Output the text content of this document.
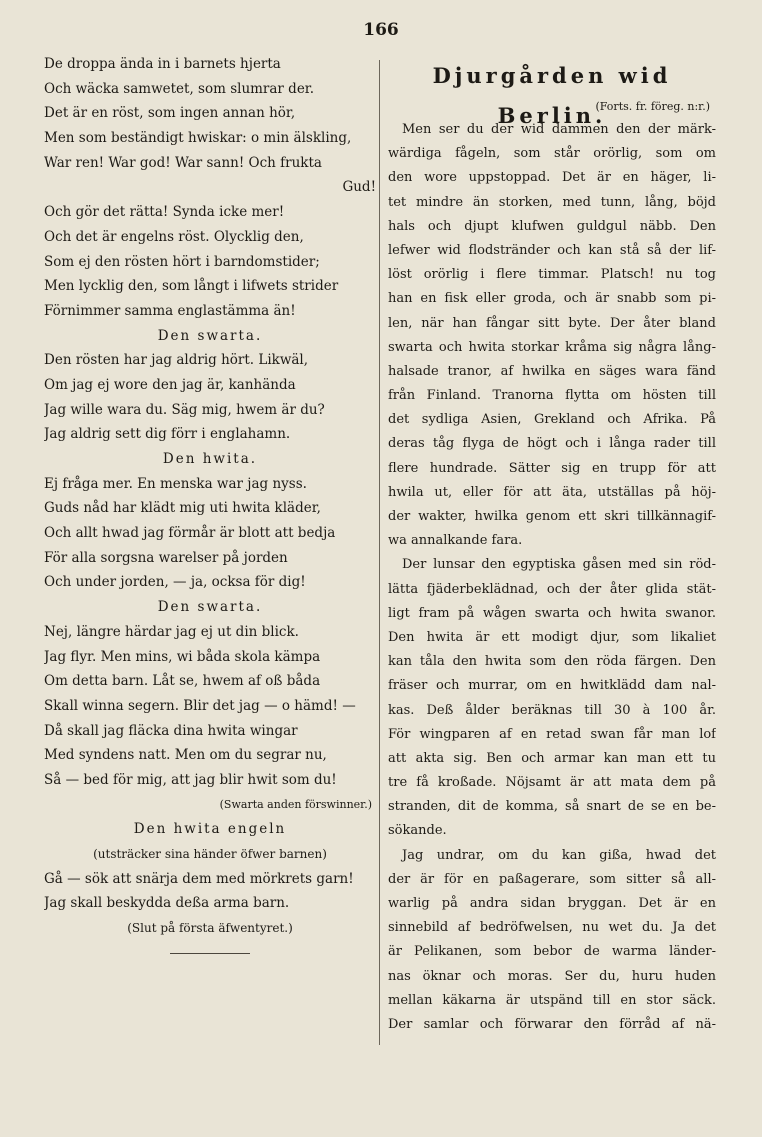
166
De droppa ända in i barnets hjerta
Och wäcka samwetet, som slumrar der.
Det är en röst, som ingen annan hör,
Men som beständigt hwiskar: o min älskling,
War ren! War god! War sann! Och frukta
Gud!
Och gör det rätta! Synda icke mer!
Och det är engelns röst. Olycklig den,
Som ej den rösten hört i barndomstider;
Men lycklig den, som långt i lifwets strider
Förnimmer samma englastämma än!
Den swarta.
Den rösten har jag aldrig hört. Likwäl,
Om jag ej wore den jag är, kanhända
Jag wille wara du. Säg mig, hwem är du?
Jag aldrig sett dig förr i englahamn.
Den hwita.
Ej fråga mer. En menska war jag nyss.
Guds nåd har klädt mig uti hwita kläder,
Och allt hwad jag förmår är blott att bedja
För alla sorgsna warelser på jorden
Och under jorden, — ja, ocksa för dig!
Den swarta.
Nej, längre härdar jag ej ut din blick.
Jag flyr. Men mins, wi båda skola kämpa
Om detta barn. Låt se, hwem af oß båda
Skall winna segern. Blir det jag — o hämd! —
Då skall jag fläcka dina hwita wingar
Med syndens natt. Men om du segrar nu,
Så — bed för mig, att jag blir hwit som du!
(Swarta anden förswinner.)
Den hwita engeln
(utsträcker sina händer öfwer barnen)
Gå — sök att snärja dem med mörkrets garn!
Jag skall beskydda deßa arma barn.
(Slut på första äfwentyret.)
Djurgården wid Berlin.
(Forts. fr. föreg. n:r.)
Men ser du der wid dammen den der märk-
wärdiga fågeln, som står orörlig, som om
den wore uppstoppad. Det är en häger, li-
tet mindre än storken, med tunn, lång, böjd
hals och djupt klufwen guldgul näbb. Den
lefwer wid flodstränder och kan stå så der lif-
löst orörlig i flere timmar. Platsch! nu tog
han en fisk eller groda, och är snabb som pi-
len, när han fångar sitt byte. Der åter bland
swarta och hwita storkar kråma sig några lång-
halsade tranor, af hwilka en säges wara fänd
från Finland. Tranorna flytta om hösten till
det sydliga Asien, Grekland och Afrika. På
deras tåg flyga de högt och i långa rader till
flere hundrade. Sätter sig en trupp för att
hwila ut, eller för att äta, utställas på höj-
der wakter, hwilka genom ett skri tillkännagif-
wa annalkande fara.
Der lunsar den egyptiska gåsen med sin röd-
lätta fjäderbeklädnad, och der åter glida stät-
ligt fram på wågen swarta och hwita swanor.
Den hwita är ett modigt djur, som likaliet
kan tåla den hwita som den röda färgen. Den
fräser och murrar, om en hwitklädd dam nal-
kas. Deß ålder beräknas till 30 à 100 år.
För wingparen af en retad swan får man lof
att akta sig. Ben och armar kan man ett tu
tre få kroßade. Nöjsamt är att mata dem på
stranden, dit de komma, så snart de se en be-
sökande.
Jag undrar, om du kan gißa, hwad det
der är för en paßagerare, som sitter så all-
warlig på andra sidan bryggan. Det är en
sinnebild af bedröfwelsen, nu wet du. Ja det
är Pelikanen, som bebor de warma länder-
nas öknar och moras. Ser du, huru huden
mellan käkarna är utspänd till en stor säck.
Der samlar och förwarar den förråd af nä-
